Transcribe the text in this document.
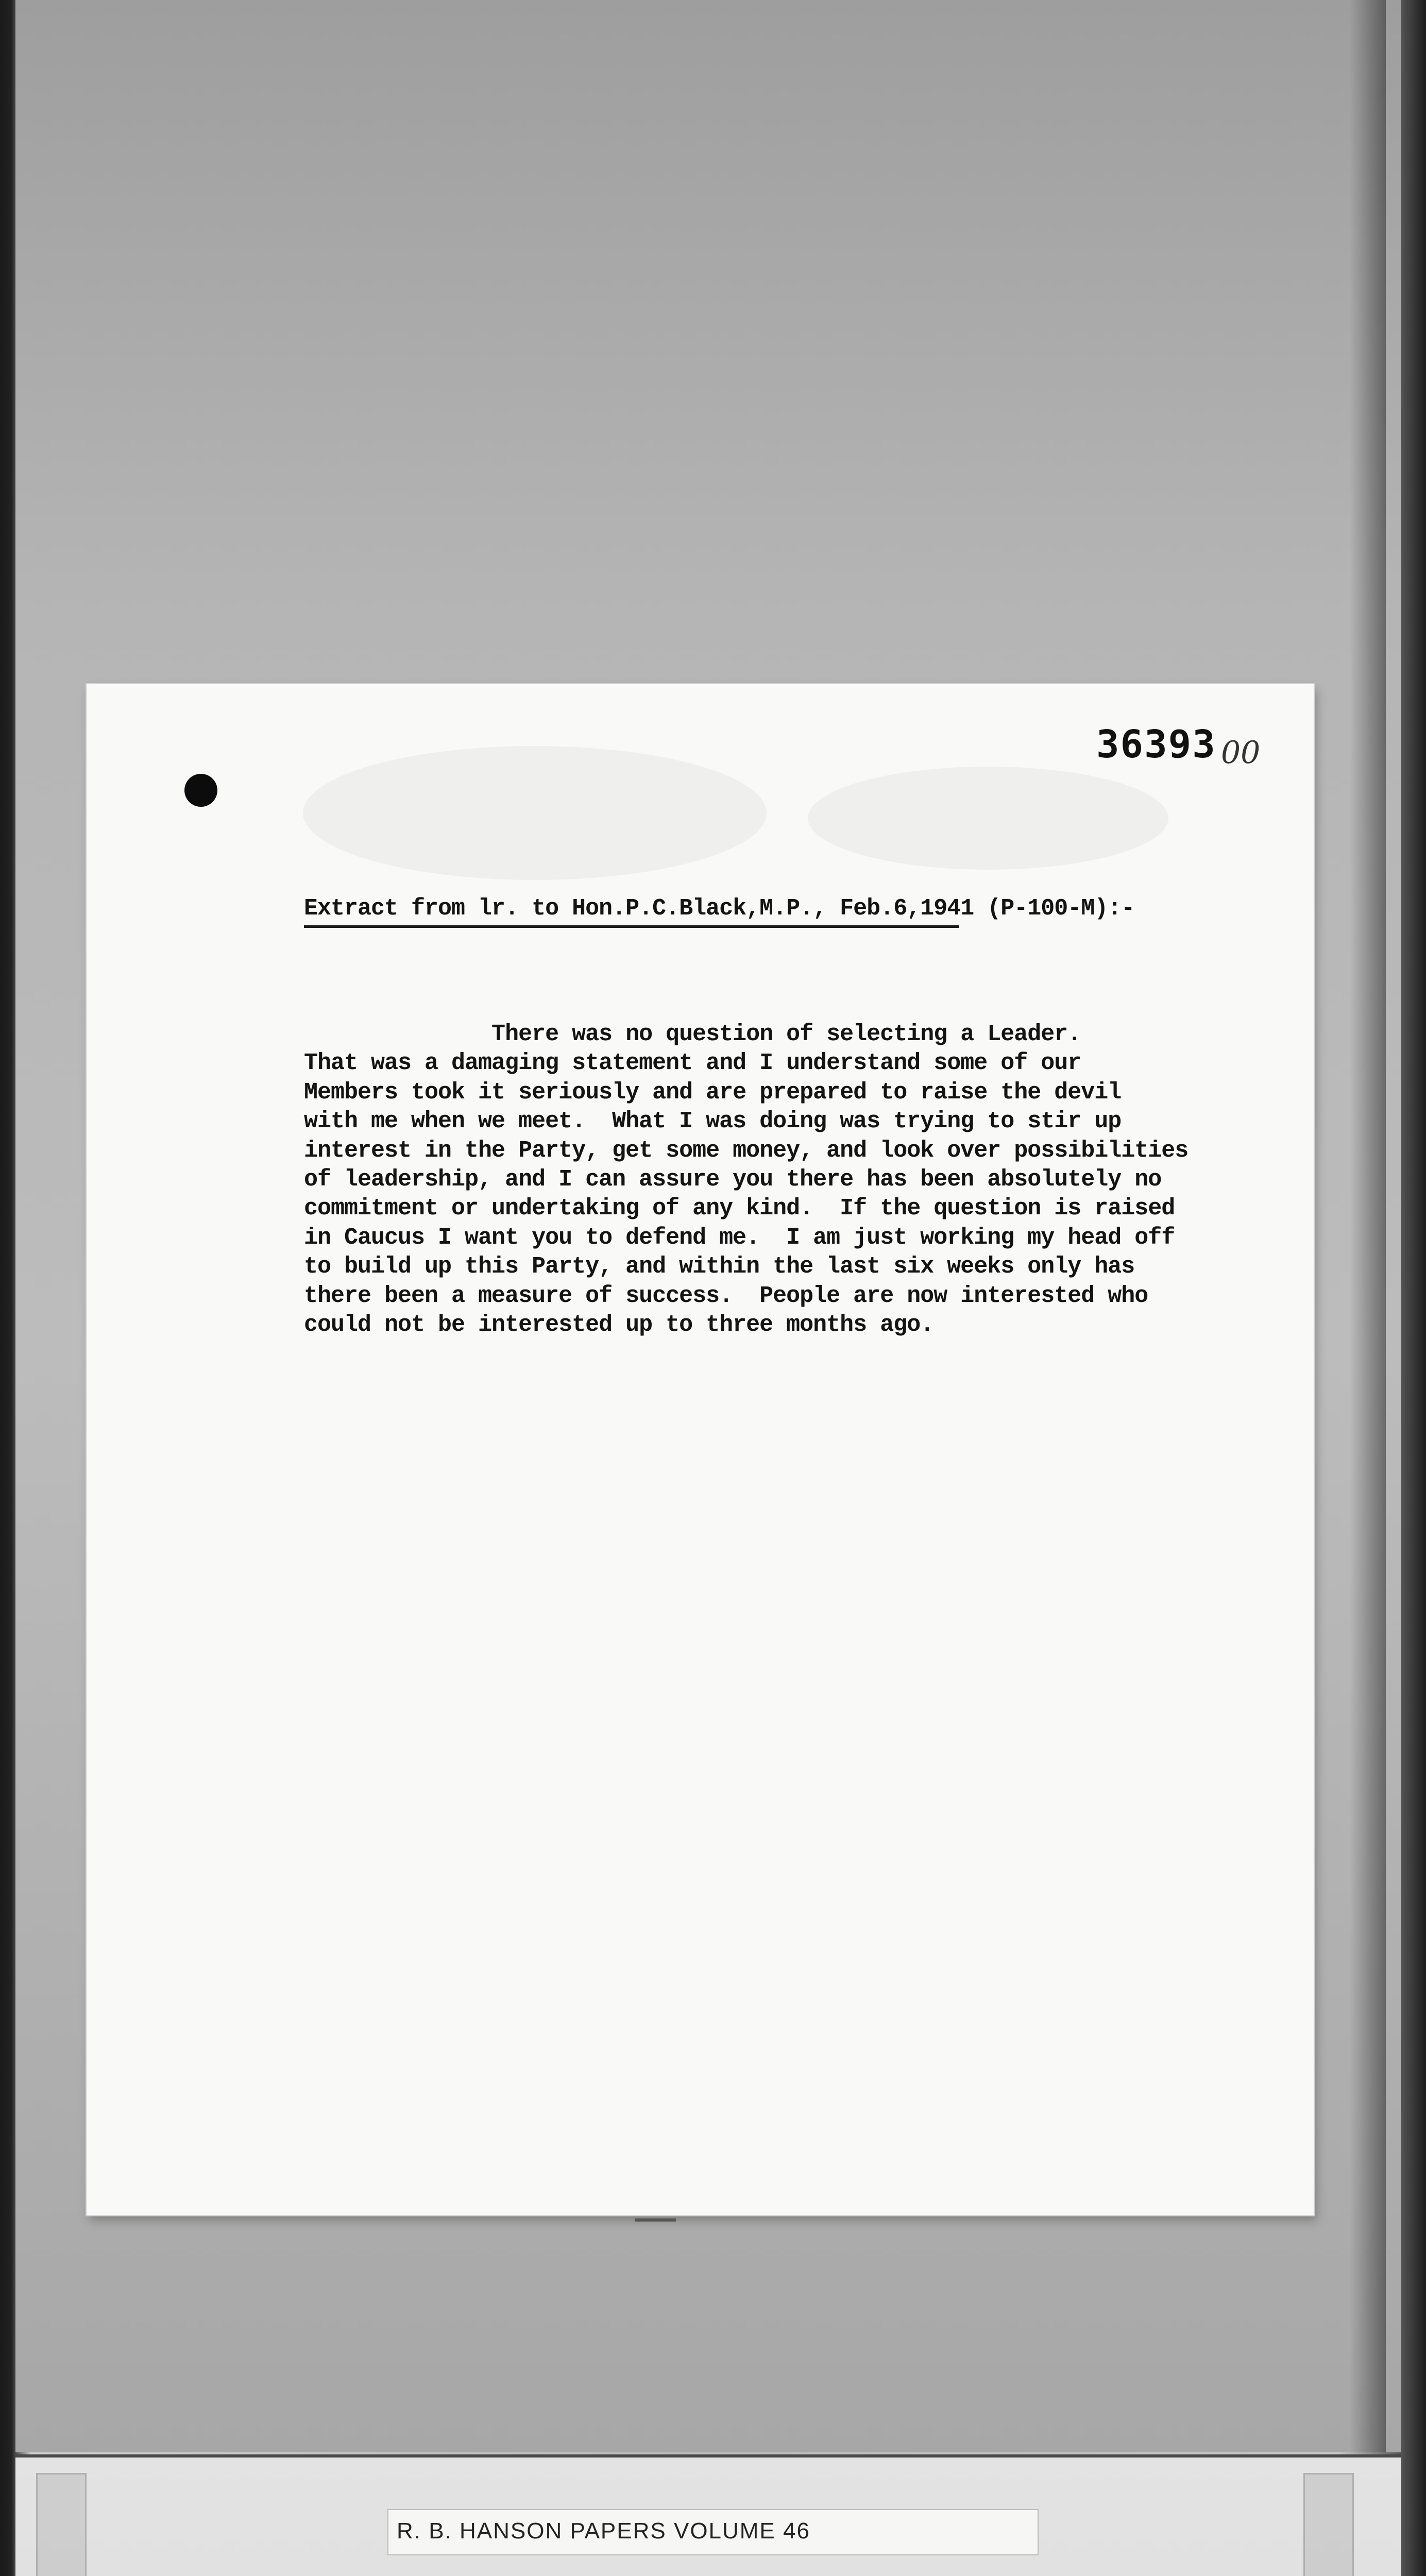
36393 00
Extract from lr. to Hon.P.C.Black,M.P., Feb.6,1941 (P-100-M):-
There was no question of selecting a Leader.
That was a damaging statement and I understand some of our
Members took it seriously and are prepared to raise the devil
with me when we meet.  What I was doing was trying to stir up
interest in the Party, get some money, and look over possibilities
of leadership, and I can assure you there has been absolutely no
commitment or undertaking of any kind.  If the question is raised
in Caucus I want you to defend me.  I am just working my head off
to build up this Party, and within the last six weeks only has
there been a measure of success.  People are now interested who
could not be interested up to three months ago.
R. B. HANSON PAPERS VOLUME 46
